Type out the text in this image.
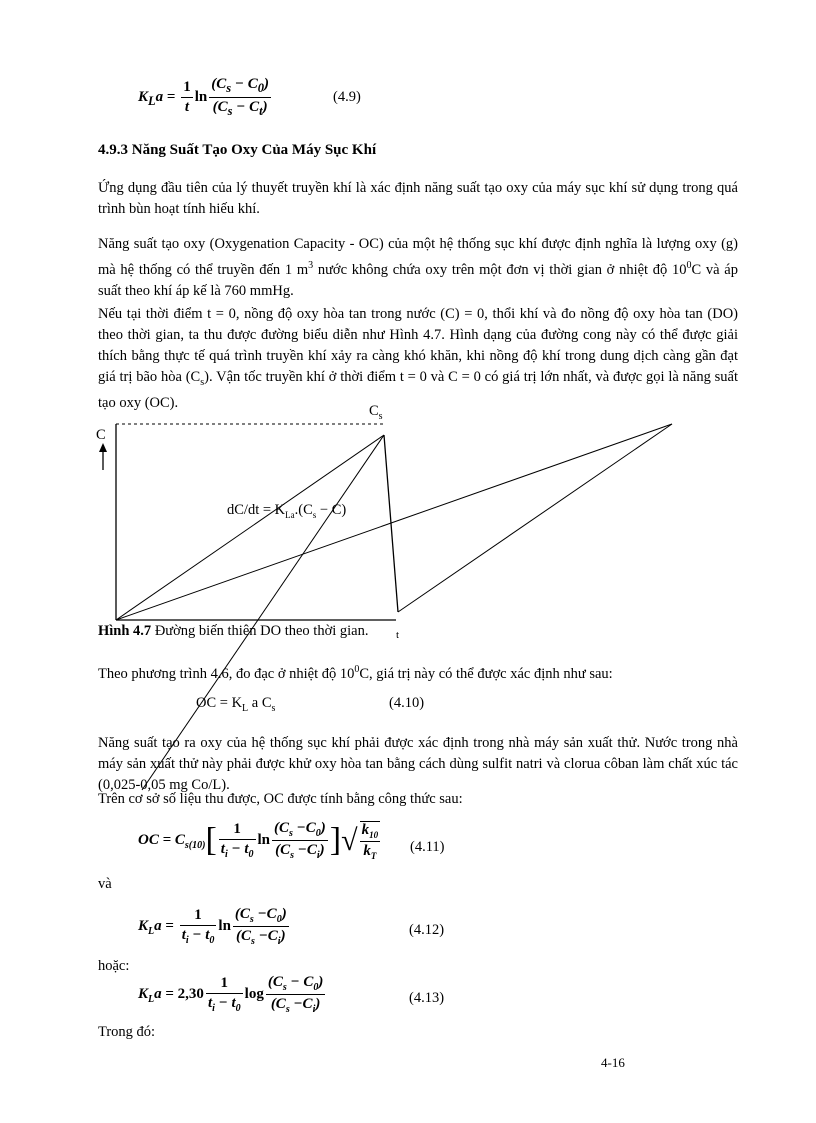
$K_La = \frac{1}{t}$ $\ln \frac{(C_s - C_0)}{(C_s - C_t)}$	(4.9)
4.9.3 Năng Suất Tạo Oxy Của Máy Sục Khí
Ứng dụng đầu tiên của lý thuyết truyền khí là xác định năng suất tạo oxy của máy sục khí sử dụng trong quá trình bùn hoạt tính hiếu khí.
Năng suất tạo oxy (Oxygenation Capacity - OC) của một hệ thống sục khí được định nghĩa là lượng oxy (g) mà hệ thống có thể truyền đến 1 $m^3$ nước không chứa oxy trên một đơn vị thời gian ở nhiệt độ $10^0C$ và áp suất theo khí áp kế là 760 mmHg.
Nếu tại thời điểm t = 0, nồng độ oxy hòa tan trong nước (C) = 0, thổi khí và đo nồng độ oxy hòa tan (DO) theo thời gian, ta thu được đường biểu diễn như Hình 4.7. Hình dạng của đường cong này có thể được giải thích bằng thực tế quá trình truyền khí xảy ra càng khó khăn, khi nồng độ khí trong dung dịch càng gần đạt giá trị bão hòa $(C_s)$. Vận tốc truyền khí ở thời điểm t = 0 và C = 0 có giá trị lớn nhất, và được gọi là năng suất tạo oxy (OC).
$C_s$
C
$dC/dt = K_{La}.(C_s - C)$
t
Hình 4.7 Đường biến thiên DO theo thời gian.
Theo phương trình 4.6, đo đạc ở nhiệt độ $10^0C$, giá trị này có thể được xác định như sau:
OC = $K_L$ a $C_s$	(4.10)
Năng suất tạo ra oxy của hệ thống sục khí phải được xác định trong nhà máy sản xuất thử. Nước trong nhà máy sản xuất thử này phải được khử oxy hòa tan bằng cách dùng sulfit natri và clorua côban làm chất xúc tác (0,025-0,05 mg Co/L).
Trên cơ sở số liệu thu được, OC được tính bằng công thức sau:
OC = $C_{s(10)}[ \frac{1}{t_i - t_0}$ $\ln \frac{(C_s -C_0)}{(C_s -C_i)}$ ]√ $\frac{k_{10}}{k_T} (4.11)$
và
$K_La = \frac{1}{t_i - t_0}$ $\ln \frac{(C_s -C_0)}{(C_s -C_i)}$	(4.12)
hoặc:
$K_La = 2,30 \frac{1}{t_i - t_0}$ $\log \frac{(C_s - C_0)}{(C_s -C_i)}$	(4.13)
Trong đó:
4-16
